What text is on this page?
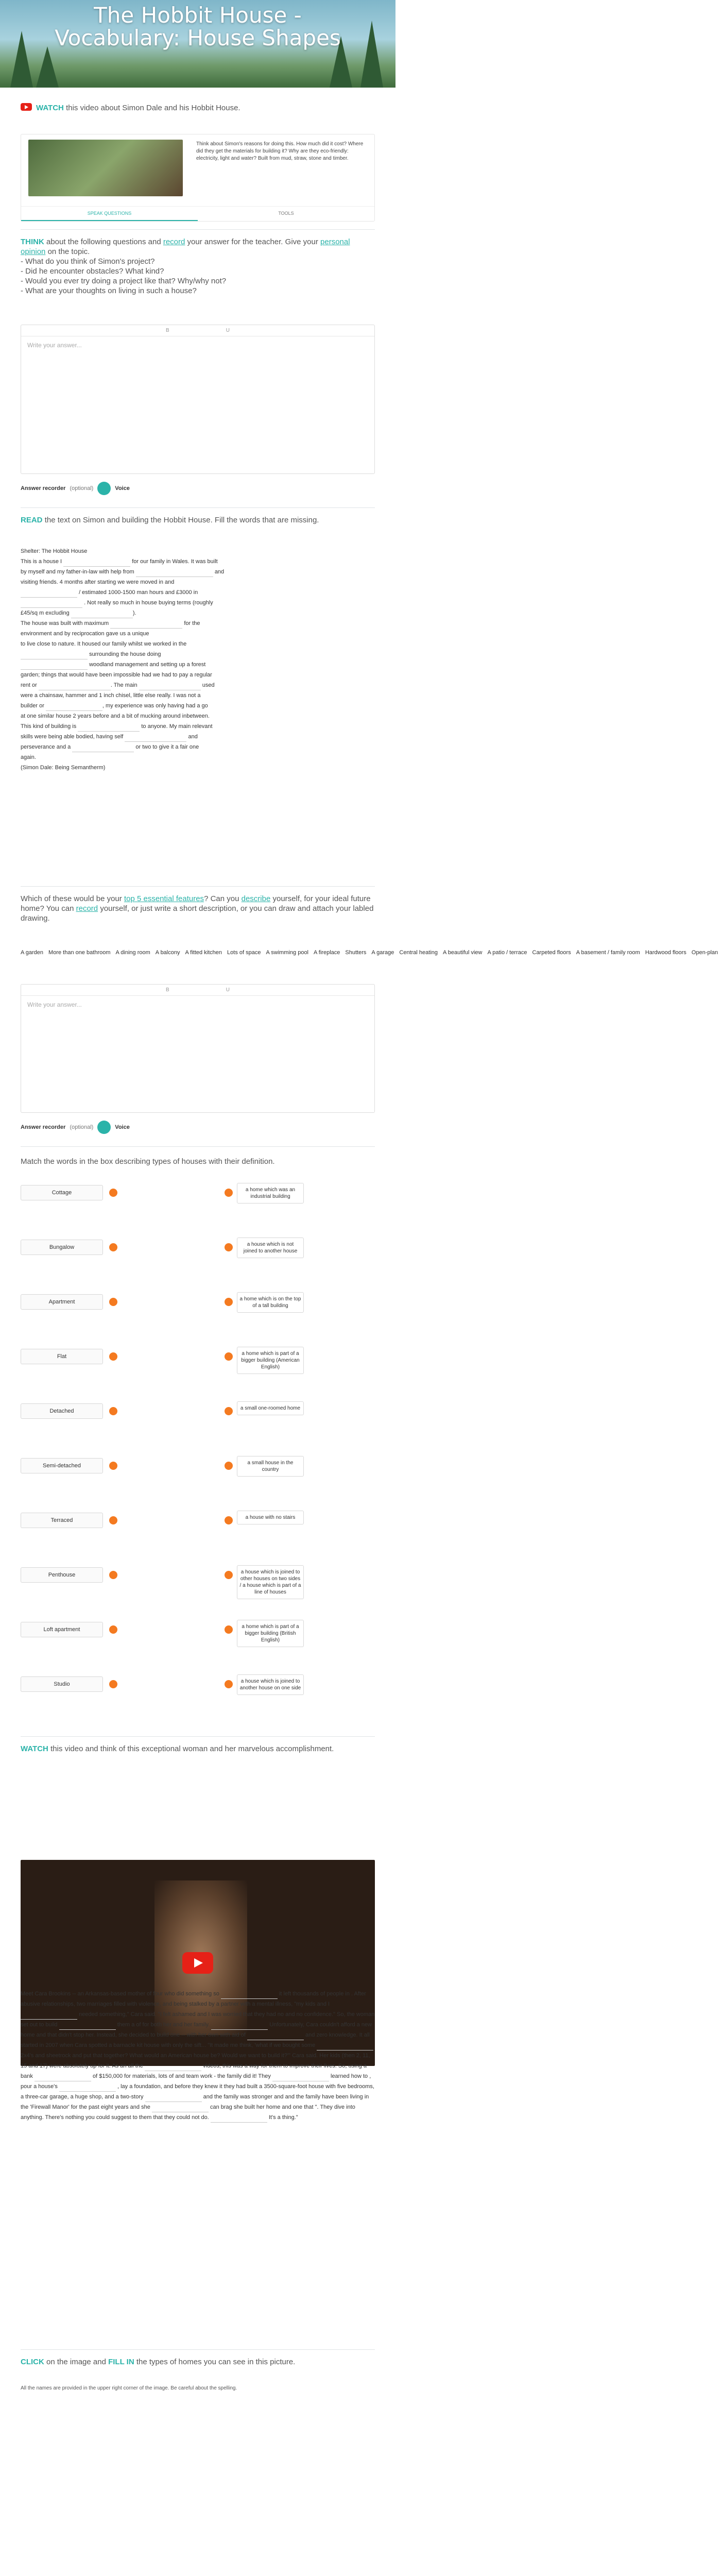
The Hobbit House - Vocabulary: House Shapes
WATCH this video about Simon Dale and his Hobbit House.
Think about Simon's reasons for doing this. How much did it cost? Where did they get the materials for building it? Why are they eco-friendly: electricity, light and water? Built from mud, straw, stone and timber.
SPEAK QUESTIONS	TOOLS
THINK about the following questions and record your answer for the teacher. Give your personal opinion on the topic.
- What do you think of Simon's project?
- Did he encounter obstacles? What kind?
- Would you ever try doing a project like that? Why/why not?
- What are your thoughts on living in such a house?
B	U
Write your answer...
Answer recorder (optional)	Voice
READ the text on Simon and building the Hobbit House. Fill the words that are missing.
Shelter: The Hobbit House
This is a house I	for our family in Wales. It was built
by myself and my father-in-law with help from	and
visiting friends. 4 months after starting we were moved in and
/ estimated 1000-1500 man hours and £3000 in
. Not really so much in house buying terms (roughly
£45/sq m excluding	).
The house was built with maximum	for the
environment and by reciprocation gave us a unique
to live close to nature. It housed our family whilst we worked in the
surrounding the house doing
woodland management and setting up a forest
garden; things that would have been impossible had we had to pay a regular
rent or	. The main	used
were a chainsaw, hammer and 1 inch chisel, little else really. I was not a
builder or	, my experience was only having had a go
at one similar house 2 years before and a bit of mucking around inbetween.
This kind of building is	to anyone. My main relevant
skills were being able bodied, having self	and
perseverance and a	or two to give it a fair one
again.
(Simon Dale: Being Semantherm)
Which of these would be your top 5 essential features? Can you describe yourself, for your ideal future home? You can record yourself, or just write a short description, or you can draw and attach your labled drawing.
A garden More than one bathroom A dining room A balcony A fitted kitchen Lots of space A swimming pool A fireplace Shutters A garage Central heating A beautiful view A patio / terrace Carpeted floors A basement / family room Hardwood floors Open-plan
B	U
Write your answer...
Answer recorder (optional)	Voice
Match the words in the box describing types of houses with their definition.
Cottage	a home which was an industrial building
Bungalow	a house which is not joined to another house
Apartment	a home which is on the top of a tall building
Flat	a home which is part of a bigger building (American English)
Detached	a small one-roomed home
Semi-detached	a small house in the country
Terraced	a house with no stairs
Penthouse	a house which is joined to other houses on two sides / a house which is part of a line of houses
Loft apartment	a home which is part of a bigger building (British English)
Studio	a house which is joined to another house on one side
WATCH this video and think of this exceptional woman and her marvelous accomplishment.
Meet Cara Brookins -- an Arkansas-based mother of four who did something so	it left thousands of people in . After abusive relationships, two marriages filled with violence, and being stalked by a partner with a mental illness, "my kids and I  needed something," Cara said. "I felt ashamed and I was worried that they had no and no confidence." So, the woman set out to build	them a of for both her and her family.	Unfortunately, Cara couldn't afford a new home and that didn't stop her. Instead, she decided to build one -- with her own with aid of	and zero knowledge. It all started in 2007 when Cara spotted a barnacle kit house with only the sift... "It made me think, 'what if we bought some  2x4's and sheetrock and put that together? What would an American house be? Would we want to build it?'" Cara said. Her kids (then 2, 11, 15 and 17) were absolutely up for it. As an all the	videos, this was a way for them to improve their lives. So, using a bank	of $150,000 for materials, lots of and team work - the family did it! They	learned how to , pour a house's	, lay a foundation, and before they knew it they had built a 3500-square-foot house with five bedrooms, a three-car garage, a huge shop, and a two-story	and the family was stronger and and the family have been living in the 'Firewall Manor' for the past eight years and she	can brag she built her home and one that ". They dive into anything. There's nothing you could suggest to them that they could not do.	It's a thing."
CLICK on the image and FILL IN the types of homes you can see in this picture.
All the names are provided in the upper right corner of the image. Be careful about the spelling.
